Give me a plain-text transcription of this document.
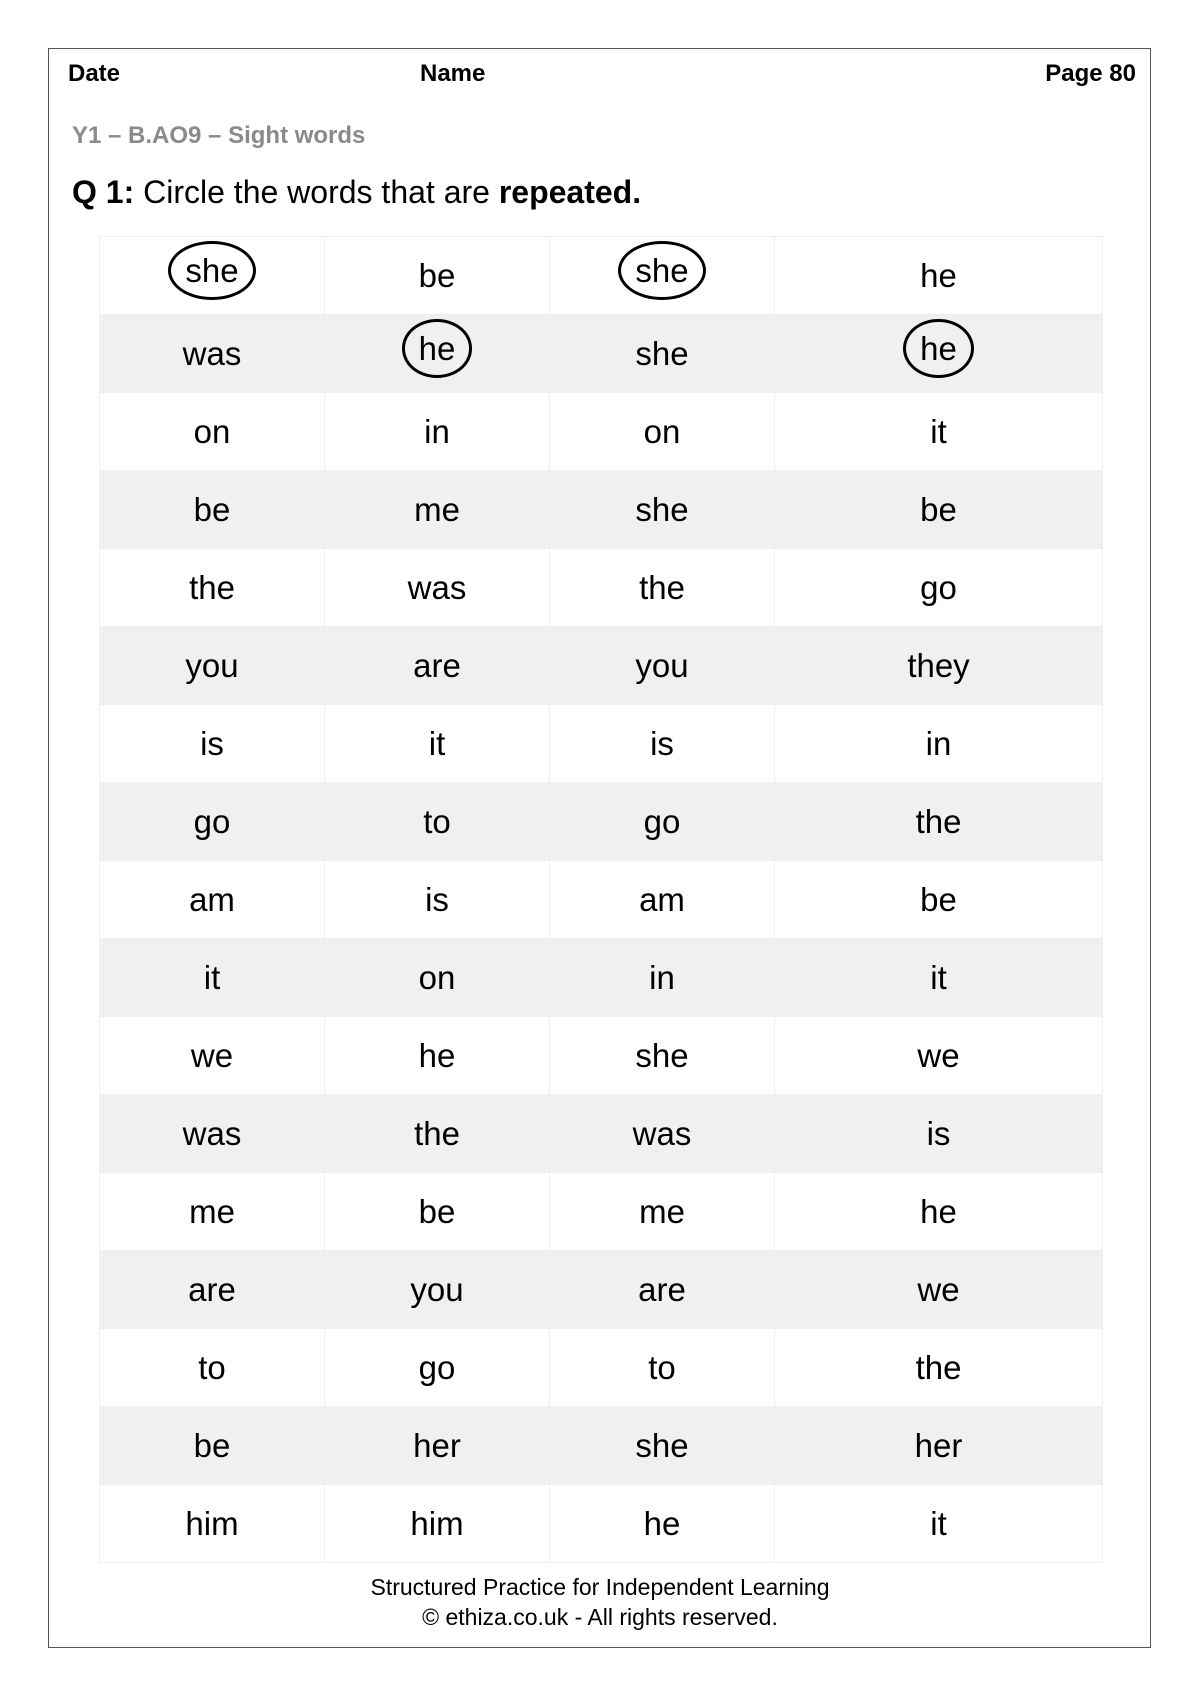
Date	Name	Page 80
Y1 – B.AO9 – Sight words
Q 1: Circle the words that are repeated.
she	be	she	he
was	he	she	he
on	in	on	it
be	me	she	be
the	was	the	go
you	are	you	they
is	it	is	in
go	to	go	the
am	is	am	be
it	on	in	it
we	he	she	we
was	the	was	is
me	be	me	he
are	you	are	we
to	go	to	the
be	her	she	her
him	him	he	it
Structured Practice for Independent Learning
© ethiza.co.uk - All rights reserved.
